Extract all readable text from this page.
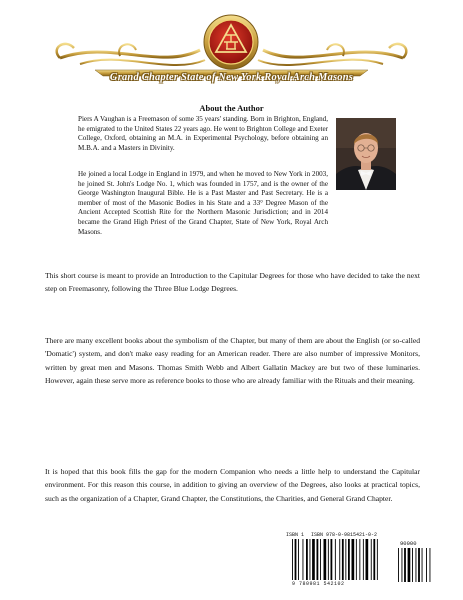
Grand Chapter State of New York Royal Arch Masons
About the Author
Piers A Vaughan is a Freemason of some 35 years' standing. Born in Brighton, England, he emigrated to the United States 22 years ago. He went to Brighton College and Exeter College, Oxford, obtaining an M.A. in Experimental Psychology, before obtaining an M.B.A. and a Masters in Divinity.
He joined a local Lodge in England in 1979, and when he moved to New York in 2003, he joined St. John's Lodge No. 1, which was founded in 1757, and is the owner of the George Washington Inaugural Bible. He is a Past Master and Past Secretary. He is a member of most of the Masonic Bodies in his State and a 33° Degree Mason of the Ancient Accepted Scottish Rite for the Northern Masonic Jurisdiction; and in 2014 became the Grand High Priest of the Grand Chapter, State of New York, Royal Arch Masons.
This short course is meant to provide an Introduction to the Capitular Degrees for those who have decided to take the next step on Freemasonry, following the Three Blue Lodge Degrees.
There are many excellent books about the symbolism of the Chapter, but many of them are about the English (or so-called 'Domatic') system, and don't make easy reading for an American reader. There are also number of impressive Monitors, written by great men and Masons. Thomas Smith Webb and Albert Gallatin Mackey are but two of these luminaries. However, again these serve more as reference books to those who are already familiar with the Rituals and their meaning.
It is hoped that this book fills the gap for the modern Companion who needs a little help to understand the Capitular environment. For this reason this course, in addition to giving an overview of the Degrees, also looks at practical topics, such as the organization of a Chapter, Grand Chapter, the Constitutions, the Charities, and General Grand Chapter.
ISBN 1 ISBN 978-0-9815421-0-2
90000
9 780981 542102
